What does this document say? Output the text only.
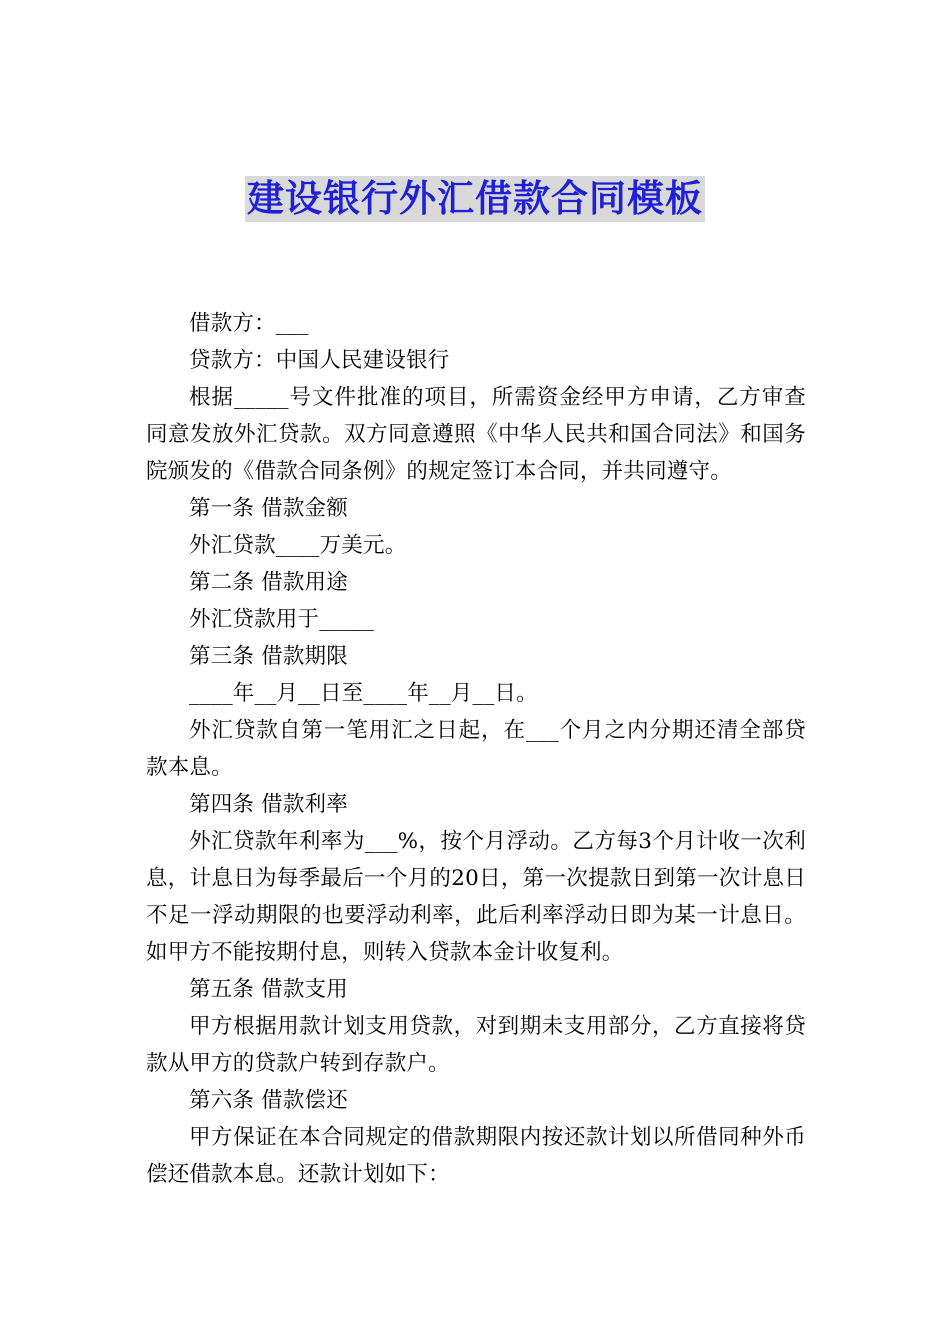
建设银行外汇借款合同模板

借款方：___

贷款方：中国人民建设银行

根据_____号文件批准的项目，所需资金经甲方申请，乙方审查同意发放外汇贷款。双方同意遵照《中华人民共和国合同法》和国务院颁发的《借款合同条例》的规定签订本合同，并共同遵守。

第一条 借款金额

外汇贷款____万美元。

第二条 借款用途

外汇贷款用于_____

第三条 借款期限

____年__月__日至____年__月__日。

外汇贷款自第一笔用汇之日起，在___个月之内分期还清全部贷款本息。

第四条 借款利率

外汇贷款年利率为___%，按个月浮动。乙方每3个月计收一次利息，计息日为每季最后一个月的20日，第一次提款日到第一次计息日不足一浮动期限的也要浮动利率，此后利率浮动日即为某一计息日。如甲方不能按期付息，则转入贷款本金计收复利。

第五条 借款支用

甲方根据用款计划支用贷款，对到期未支用部分，乙方直接将贷款从甲方的贷款户转到存款户。

第六条 借款偿还

甲方保证在本合同规定的借款期限内按还款计划以所借同种外币偿还借款本息。还款计划如下：
